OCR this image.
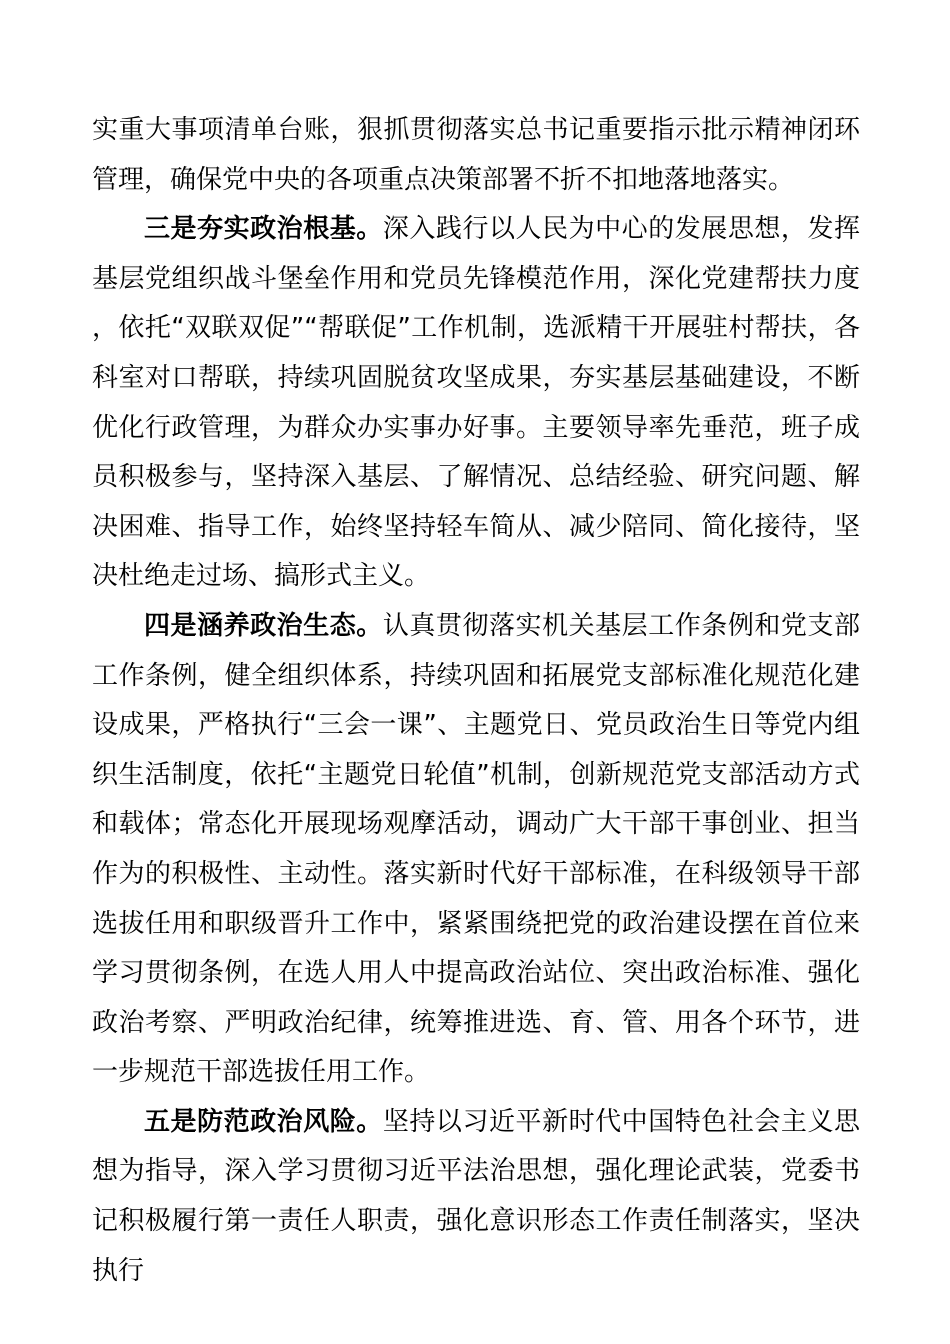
实重大事项清单台账，狠抓贯彻落实总书记重要指示批示精神闭环管理，确保党中央的各项重点决策部署不折不扣地落地落实。

三是夯实政治根基。深入践行以人民为中心的发展思想，发挥基层党组织战斗堡垒作用和党员先锋模范作用，深化党建帮扶力度，依托“双联双促”“帮联促”工作机制，选派精干开展驻村帮扶，各科室对口帮联，持续巩固脱贫攻坚成果，夯实基层基础建设，不断优化行政管理，为群众办实事办好事。主要领导率先垂范，班子成员积极参与，坚持深入基层、了解情况、总结经验、研究问题、解决困难、指导工作，始终坚持轻车简从、减少陪同、简化接待，坚决杜绝走过场、搞形式主义。

四是涵养政治生态。认真贯彻落实机关基层工作条例和党支部工作条例，健全组织体系，持续巩固和拓展党支部标准化规范化建设成果，严格执行“三会一课”、主题党日、党员政治生日等党内组织生活制度，依托“主题党日轮值”机制，创新规范党支部活动方式和载体；常态化开展现场观摩活动，调动广大干部干事创业、担当作为的积极性、主动性。落实新时代好干部标准，在科级领导干部选拔任用和职级晋升工作中，紧紧围绕把党的政治建设摆在首位来学习贯彻条例，在选人用人中提高政治站位、突出政治标准、强化政治考察、严明政治纪律，统筹推进选、育、管、用各个环节，进一步规范干部选拔任用工作。

五是防范政治风险。坚持以习近平新时代中国特色社会主义思想为指导，深入学习贯彻习近平法治思想，强化理论武装，党委书记积极履行第一责任人职责，强化意识形态工作责任制落实，坚决执行
